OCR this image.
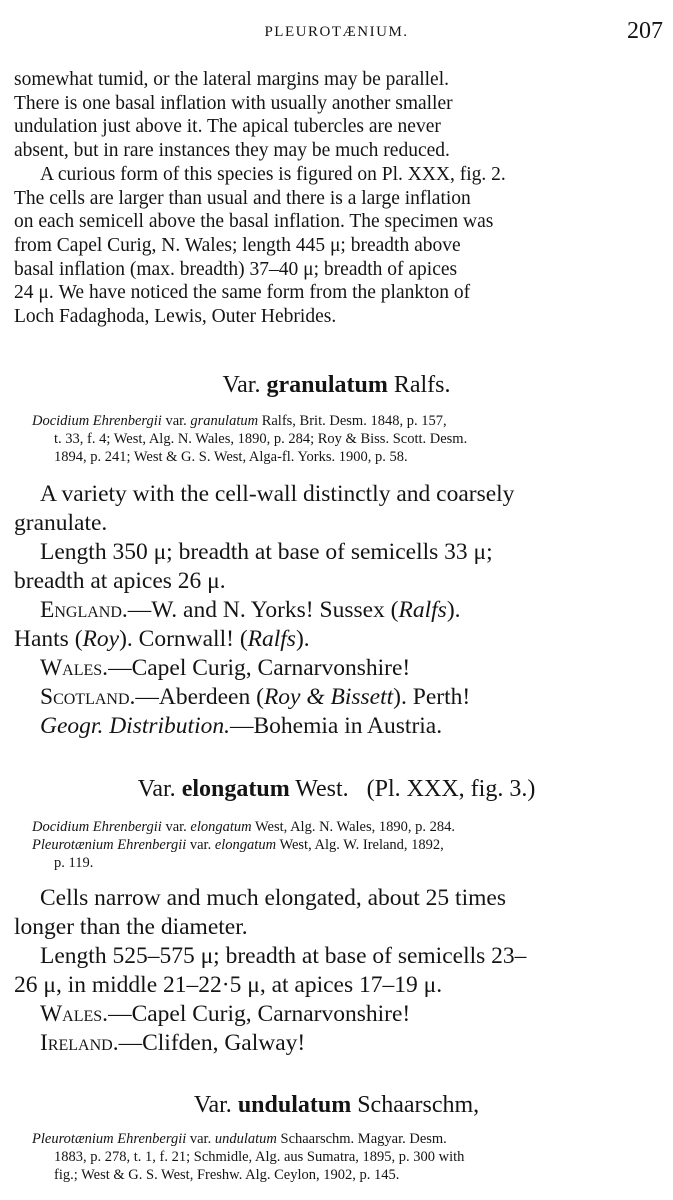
PLEUROTÆNIUM.	207
somewhat tumid, or the lateral margins may be parallel.
There is one basal inflation with usually another smaller
undulation just above it. The apical tubercles are never
absent, but in rare instances they may be much reduced.
A curious form of this species is figured on Pl. XXX, fig. 2.
The cells are larger than usual and there is a large inflation
on each semicell above the basal inflation. The specimen was
from Capel Curig, N. Wales; length 445 μ; breadth above
basal inflation (max. breadth) 37–40 μ; breadth of apices
24 μ. We have noticed the same form from the plankton of
Loch Fadaghoda, Lewis, Outer Hebrides.
Var. granulatum Ralfs.
Docidium Ehrenbergii var. granulatum Ralfs, Brit. Desm. 1848, p. 157,
t. 33, f. 4; West, Alg. N. Wales, 1890, p. 284; Roy & Biss. Scott. Desm.
1894, p. 241; West & G. S. West, Alga-fl. Yorks. 1900, p. 58.
A variety with the cell-wall distinctly and coarsely
granulate.
Length 350 μ; breadth at base of semicells 33 μ;
breadth at apices 26 μ.
England.—W. and N. Yorks! Sussex (Ralfs).
Hants (Roy). Cornwall! (Ralfs).
Wales.—Capel Curig, Carnarvonshire!
Scotland.—Aberdeen (Roy & Bissett). Perth!
Geogr. Distribution.—Bohemia in Austria.
Var. elongatum West. (Pl. XXX, fig. 3.)
Docidium Ehrenbergii var. elongatum West, Alg. N. Wales, 1890, p. 284.
Pleurotænium Ehrenbergii var. elongatum West, Alg. W. Ireland, 1892,
p. 119.
Cells narrow and much elongated, about 25 times
longer than the diameter.
Length 525–575 μ; breadth at base of semicells 23–
26 μ, in middle 21–22·5 μ, at apices 17–19 μ.
Wales.—Capel Curig, Carnarvonshire!
Ireland.—Clifden, Galway!
Var. undulatum Schaarschm,
Pleurotænium Ehrenbergii var. undulatum Schaarschm. Magyar. Desm.
1883, p. 278, t. 1, f. 21; Schmidle, Alg. aus Sumatra, 1895, p. 300 with
fig.; West & G. S. West, Freshw. Alg. Ceylon, 1902, p. 145.
